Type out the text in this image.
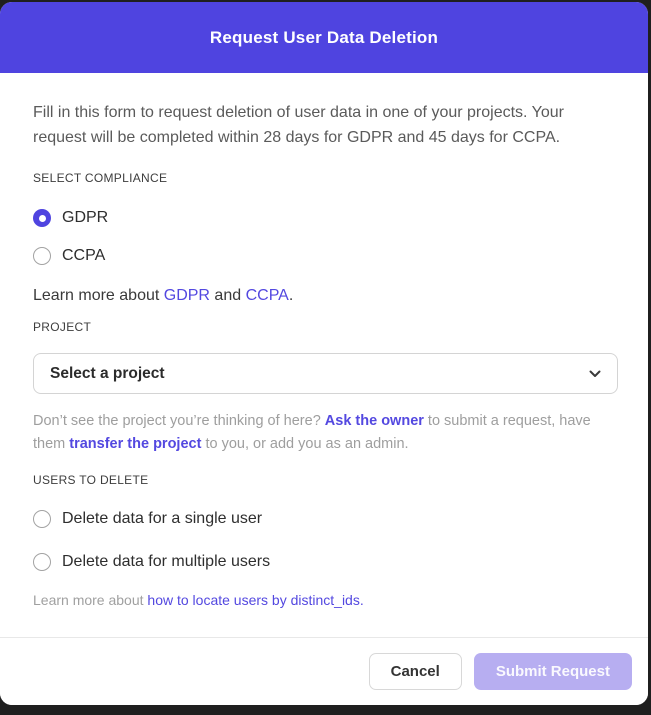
Request User Data Deletion

Fill in this form to request deletion of user data in one of your projects. Your request will be completed within 28 days for GDPR and 45 days for CCPA.

SELECT COMPLIANCE
GDPR
CCPA

Learn more about GDPR and CCPA.

PROJECT
Select a project

Don’t see the project you’re thinking of here? Ask the owner to submit a request, have them transfer the project to you, or add you as an admin.

USERS TO DELETE
Delete data for a single user
Delete data for multiple users

Learn more about how to locate users by distinct_ids.

Cancel	Submit Request
